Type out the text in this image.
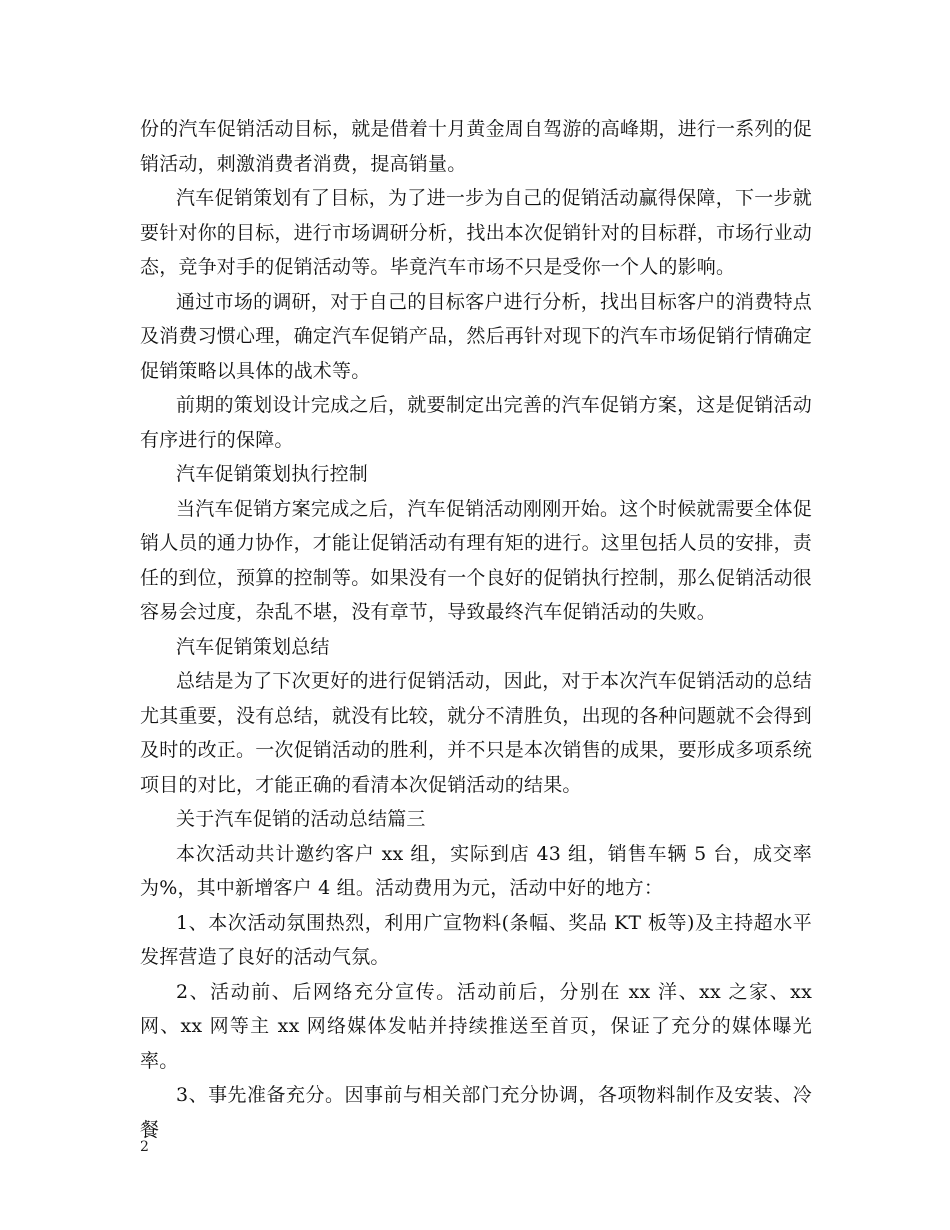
份的汽车促销活动目标，就是借着十月黄金周自驾游的高峰期，进行一系列的促销活动，刺激消费者消费，提高销量。

汽车促销策划有了目标，为了进一步为自己的促销活动赢得保障，下一步就要针对你的目标，进行市场调研分析，找出本次促销针对的目标群，市场行业动态，竞争对手的促销活动等。毕竟汽车市场不只是受你一个人的影响。

通过市场的调研，对于自己的目标客户进行分析，找出目标客户的消费特点及消费习惯心理，确定汽车促销产品，然后再针对现下的汽车市场促销行情确定促销策略以具体的战术等。

前期的策划设计完成之后，就要制定出完善的汽车促销方案，这是促销活动有序进行的保障。

汽车促销策划执行控制

当汽车促销方案完成之后，汽车促销活动刚刚开始。这个时候就需要全体促销人员的通力协作，才能让促销活动有理有矩的进行。这里包括人员的安排，责任的到位，预算的控制等。如果没有一个良好的促销执行控制，那么促销活动很容易会过度，杂乱不堪，没有章节，导致最终汽车促销活动的失败。

汽车促销策划总结

总结是为了下次更好的进行促销活动，因此，对于本次汽车促销活动的总结尤其重要，没有总结，就没有比较，就分不清胜负，出现的各种问题就不会得到及时的改正。一次促销活动的胜利，并不只是本次销售的成果，要形成多项系统项目的对比，才能正确的看清本次促销活动的结果。

关于汽车促销的活动总结篇三

本次活动共计邀约客户 xx 组，实际到店 43 组，销售车辆 5 台，成交率为%，其中新增客户 4 组。活动费用为元，活动中好的地方：

1、本次活动氛围热烈，利用广宣物料(条幅、奖品 KT 板等)及主持超水平发挥营造了良好的活动气氛。

2、活动前、后网络充分宣传。活动前后，分别在 xx 洋、xx 之家、xx 网、xx 网等主 xx 网络媒体发帖并持续推送至首页，保证了充分的媒体曝光率。

3、事先准备充分。因事前与相关部门充分协调，各项物料制作及安装、冷餐

2
